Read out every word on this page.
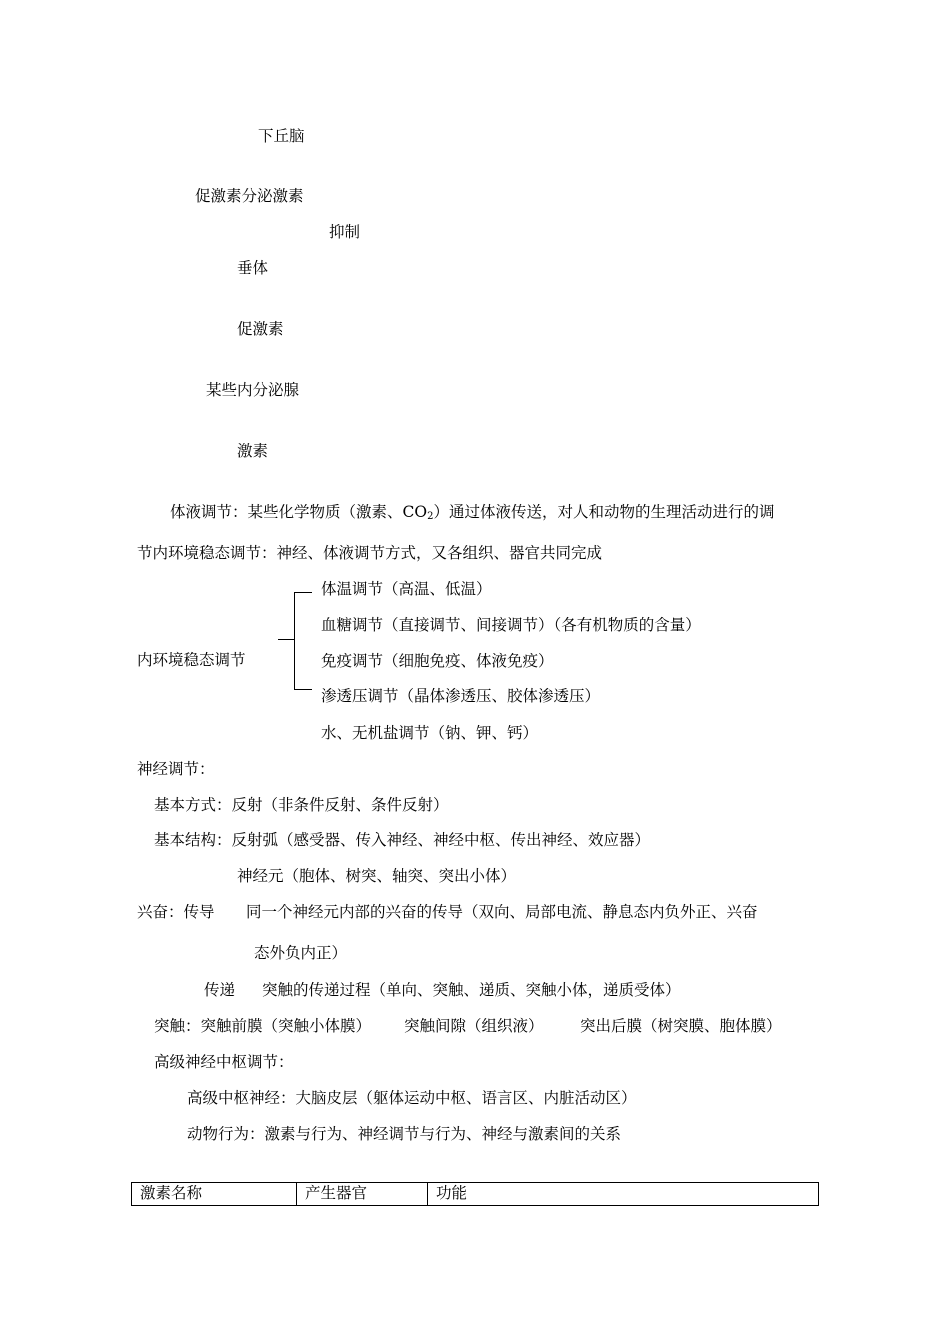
下丘脑
促激素分泌激素
抑制
垂体
促激素
某些内分泌腺
激素
体液调节：某些化学物质（激素、$CO_2$）通过体液传送，对人和动物的生理活动进行的调
节内环境稳态调节：神经、体液调节方式，又各组织、器官共同完成
内环境稳态调节
体温调节（高温、低温）
血糖调节（直接调节、间接调节）（各有机物质的含量）
免疫调节（细胞免疫、体液免疫）
渗透压调节（晶体渗透压、胶体渗透压）
水、无机盐调节（钠、钾、钙）
神经调节：
基本方式：反射（非条件反射、条件反射）
基本结构：反射弧（感受器、传入神经、神经中枢、传出神经、效应器）
神经元（胞体、树突、轴突、突出小体）
兴奋：传导 同一个神经元内部的兴奋的传导（双向、局部电流、静息态内负外正、兴奋
态外负内正）
传递 突触的传递过程（单向、突触、递质、突触小体，递质受体）
突触：突触前膜（突触小体膜） 突触间隙（组织液） 突出后膜（树突膜、胞体膜）
高级神经中枢调节：
高级中枢神经：大脑皮层（躯体运动中枢、语言区、内脏活动区）
动物行为：激素与行为、神经调节与行为、神经与激素间的关系
激素名称	产生器官	功能
